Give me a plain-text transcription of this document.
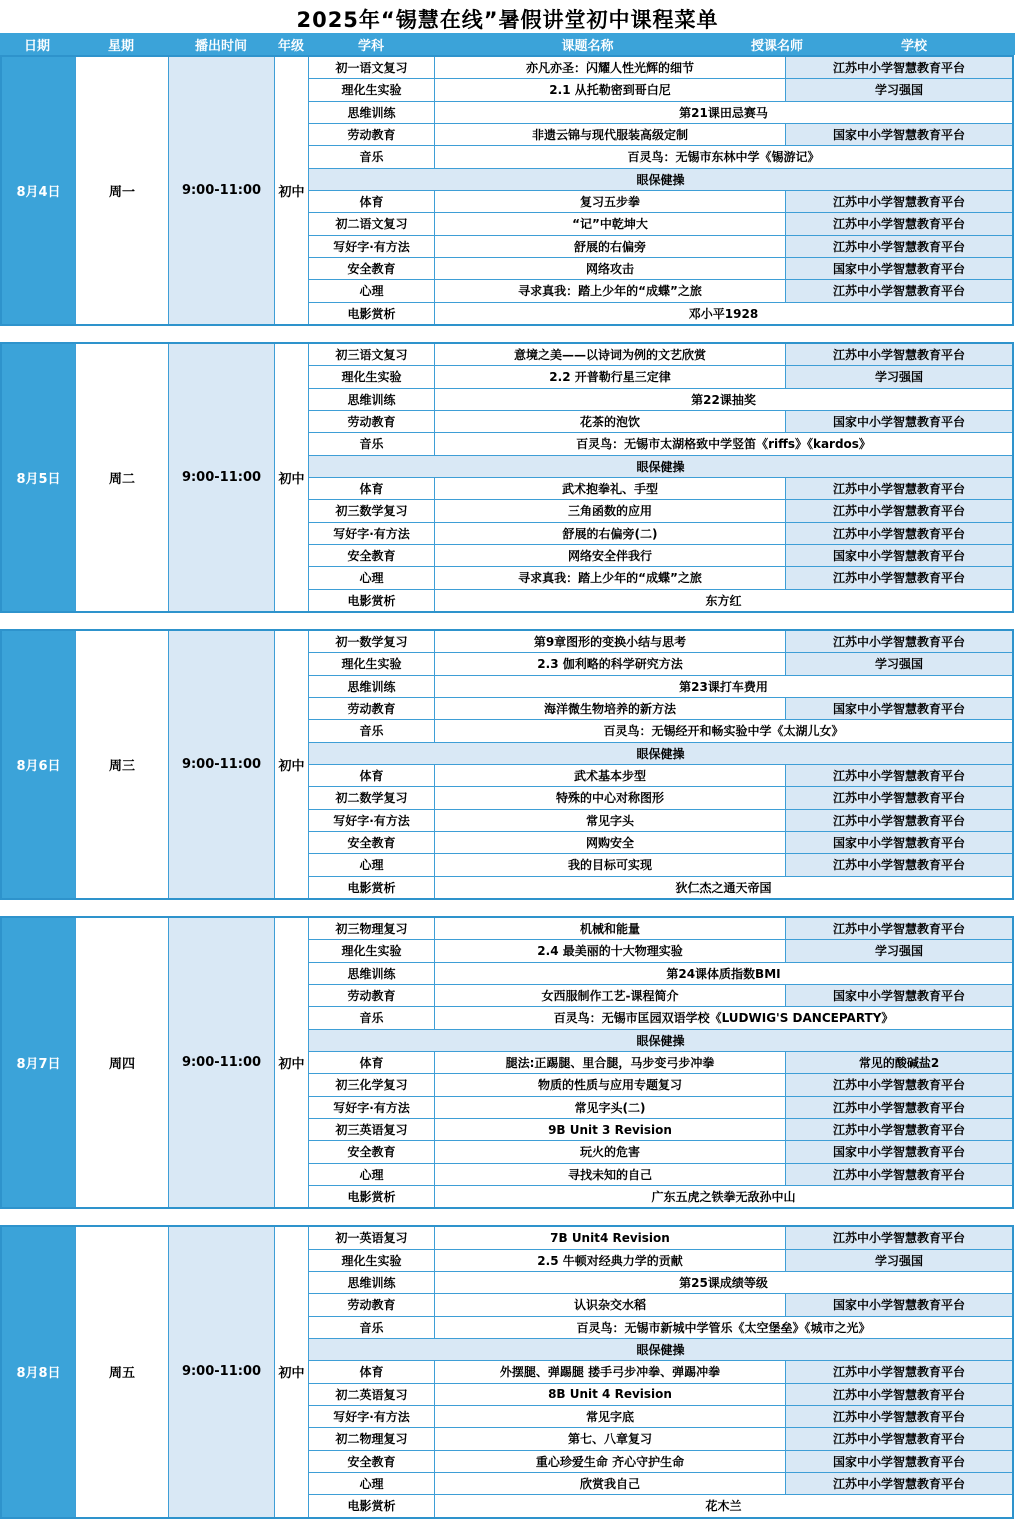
2025年“锡慧在线”暑假讲堂初中课程菜单
日期	星期	播出时间	年级	学科	课题名称	授课名师	学校
8月4日	周一	9:00-11:00	初中
初一语文复习	亦凡亦圣：闪耀人性光辉的细节	江苏中小学智慧教育平台
理化生实验	2.1 从托勒密到哥白尼	学习强国
思维训练	第21课田忌赛马
劳动教育	非遗云锦与现代服装高级定制	国家中小学智慧教育平台
音乐	百灵鸟：无锡市东林中学《锡游记》
眼保健操
体育	复习五步拳	江苏中小学智慧教育平台
初二语文复习	“记”中乾坤大	江苏中小学智慧教育平台
写好字·有方法	舒展的右偏旁	江苏中小学智慧教育平台
安全教育	网络攻击	国家中小学智慧教育平台
心理	寻求真我：踏上少年的“成蝶”之旅	江苏中小学智慧教育平台
电影赏析	邓小平1928
8月5日	周二	9:00-11:00	初中
初三语文复习	意境之美——以诗词为例的文艺欣赏	江苏中小学智慧教育平台
理化生实验	2.2 开普勒行星三定律	学习强国
思维训练	第22课抽奖
劳动教育	花茶的泡饮	国家中小学智慧教育平台
音乐	百灵鸟：无锡市太湖格致中学竖笛《riffs》《kardos》
眼保健操
体育	武术抱拳礼、手型	江苏中小学智慧教育平台
初三数学复习	三角函数的应用	江苏中小学智慧教育平台
写好字·有方法	舒展的右偏旁(二)	江苏中小学智慧教育平台
安全教育	网络安全伴我行	国家中小学智慧教育平台
心理	寻求真我：踏上少年的“成蝶”之旅	江苏中小学智慧教育平台
电影赏析	东方红
8月6日	周三	9:00-11:00	初中
初一数学复习	第9章图形的变换小结与思考	江苏中小学智慧教育平台
理化生实验	2.3 伽利略的科学研究方法	学习强国
思维训练	第23课打车费用
劳动教育	海洋微生物培养的新方法	国家中小学智慧教育平台
音乐	百灵鸟：无锡经开和畅实验中学《太湖儿女》
眼保健操
体育	武术基本步型	江苏中小学智慧教育平台
初二数学复习	特殊的中心对称图形	江苏中小学智慧教育平台
写好字·有方法	常见字头	江苏中小学智慧教育平台
安全教育	网购安全	国家中小学智慧教育平台
心理	我的目标可实现	江苏中小学智慧教育平台
电影赏析	狄仁杰之通天帝国
8月7日	周四	9:00-11:00	初中
初三物理复习	机械和能量	江苏中小学智慧教育平台
理化生实验	2.4 最美丽的十大物理实验	学习强国
思维训练	第24课体质指数BMI
劳动教育	女西服制作工艺-课程简介	国家中小学智慧教育平台
音乐	百灵鸟：无锡市匡园双语学校《LUDWIG'S DANCEPARTY》
眼保健操
体育	腿法:正踢腿、里合腿，马步变弓步冲拳	常见的酸碱盐2
初三化学复习	物质的性质与应用专题复习	江苏中小学智慧教育平台
写好字·有方法	常见字头(二)	江苏中小学智慧教育平台
初三英语复习	9B Unit 3 Revision	江苏中小学智慧教育平台
安全教育	玩火的危害	国家中小学智慧教育平台
心理	寻找未知的自己	江苏中小学智慧教育平台
电影赏析	广东五虎之铁拳无敌孙中山
8月8日	周五	9:00-11:00	初中
初一英语复习	7B Unit4 Revision	江苏中小学智慧教育平台
理化生实验	2.5 牛顿对经典力学的贡献	学习强国
思维训练	第25课成绩等级
劳动教育	认识杂交水稻	国家中小学智慧教育平台
音乐	百灵鸟：无锡市新城中学管乐《太空堡垒》《城市之光》
眼保健操
体育	外摆腿、弹踢腿 搂手弓步冲拳、弹踢冲拳	江苏中小学智慧教育平台
初二英语复习	8B Unit 4 Revision	江苏中小学智慧教育平台
写好字·有方法	常见字底	江苏中小学智慧教育平台
初二物理复习	第七、八章复习	江苏中小学智慧教育平台
安全教育	重心珍爱生命 齐心守护生命	国家中小学智慧教育平台
心理	欣赏我自己	江苏中小学智慧教育平台
电影赏析	花木兰
